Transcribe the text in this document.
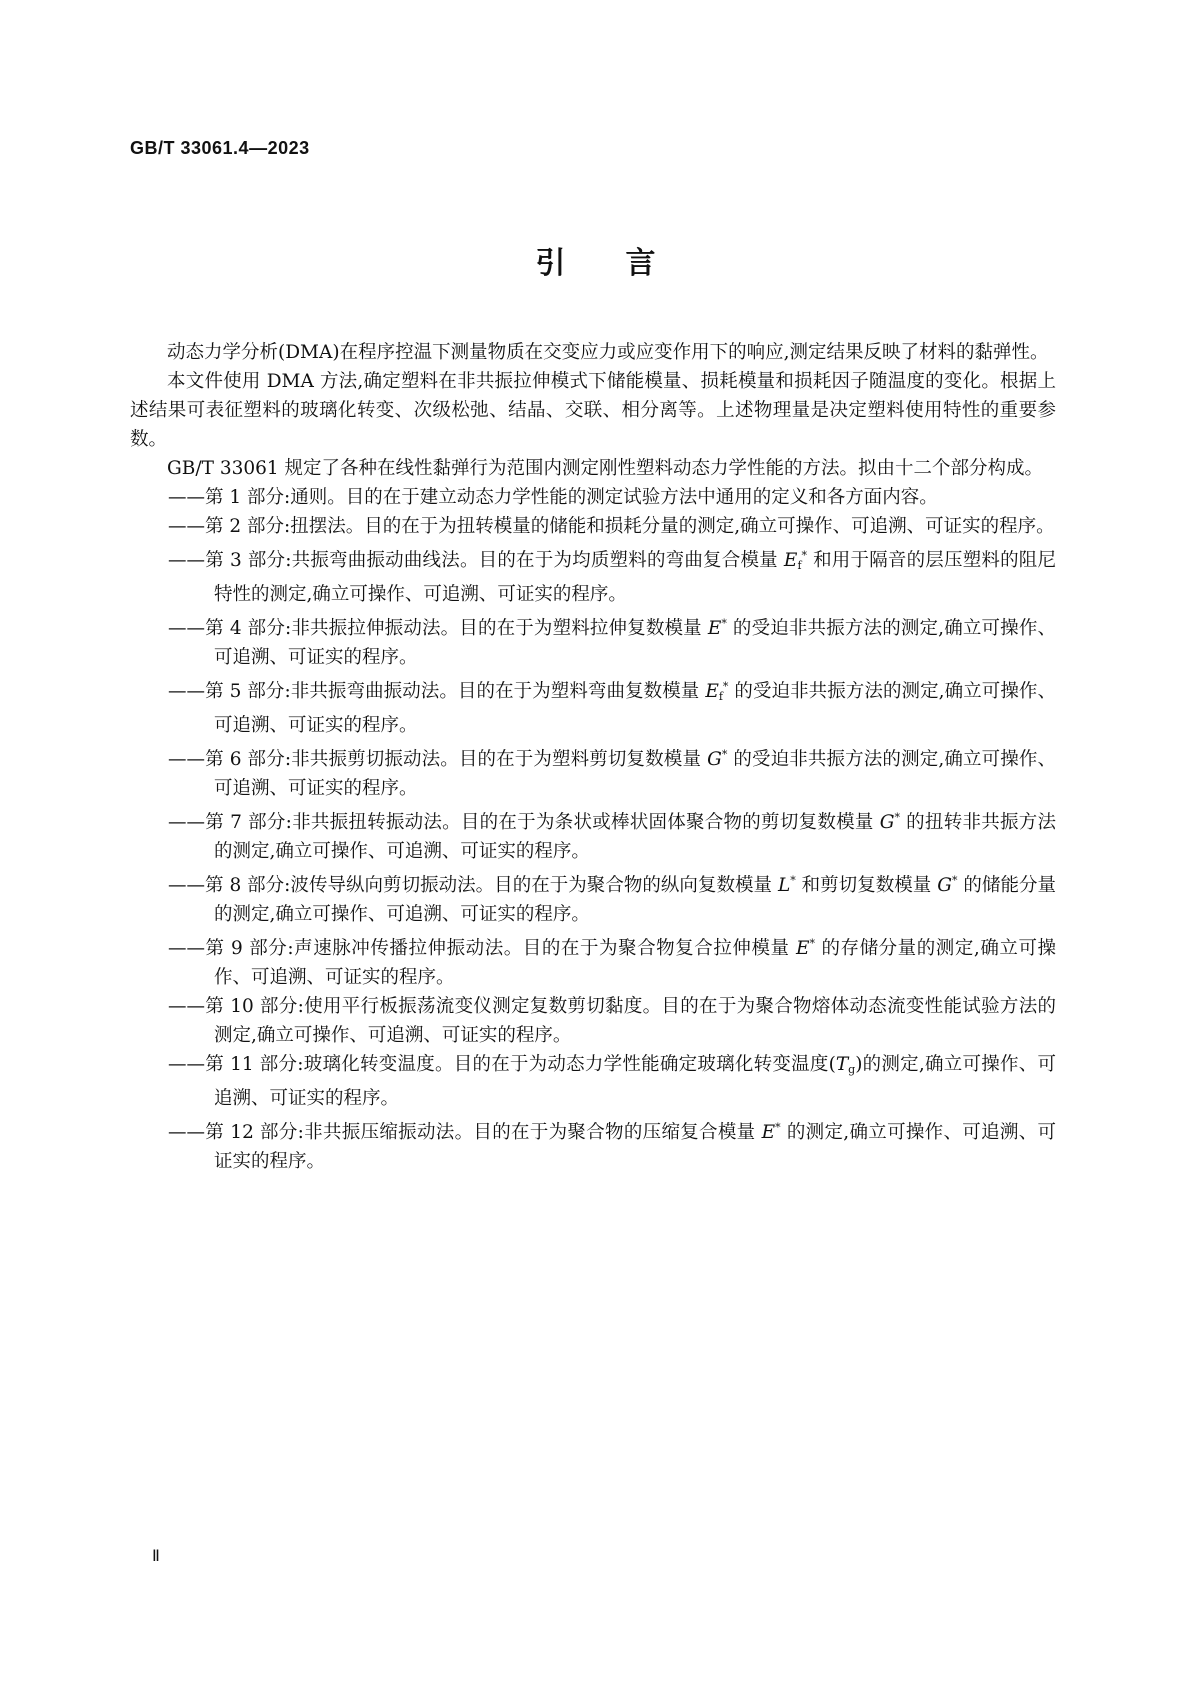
GB/T 33061.4—2023
引 言

动态力学分析(DMA)在程序控温下测量物质在交变应力或应变作用下的响应,测定结果反映了材料的黏弹性。

本文件使用 DMA 方法,确定塑料在非共振拉伸模式下储能模量、损耗模量和损耗因子随温度的变化。根据上述结果可表征塑料的玻璃化转变、次级松弛、结晶、交联、相分离等。上述物理量是决定塑料使用特性的重要参数。

GB/T 33061 规定了各种在线性黏弹行为范围内测定刚性塑料动态力学性能的方法。拟由十二个部分构成。

——第 1 部分:通则。目的在于建立动态力学性能的测定试验方法中通用的定义和各方面内容。
——第 2 部分:扭摆法。目的在于为扭转模量的储能和损耗分量的测定,确立可操作、可追溯、可证实的程序。
——第 3 部分:共振弯曲振动曲线法。目的在于为均质塑料的弯曲复合模量 $E_f^*$ 和用于隔音的层压塑料的阻尼特性的测定,确立可操作、可追溯、可证实的程序。
——第 4 部分:非共振拉伸振动法。目的在于为塑料拉伸复数模量 E* 的受迫非共振方法的测定,确立可操作、可追溯、可证实的程序。
——第 5 部分:非共振弯曲振动法。目的在于为塑料弯曲复数模量 $E_f^*$ 的受迫非共振方法的测定,确立可操作、可追溯、可证实的程序。
——第 6 部分:非共振剪切振动法。目的在于为塑料剪切复数模量 G* 的受迫非共振方法的测定,确立可操作、可追溯、可证实的程序。
——第 7 部分:非共振扭转振动法。目的在于为条状或棒状固体聚合物的剪切复数模量 G* 的扭转非共振方法的测定,确立可操作、可追溯、可证实的程序。
——第 8 部分:波传导纵向剪切振动法。目的在于为聚合物的纵向复数模量 L* 和剪切复数模量 G* 的储能分量的测定,确立可操作、可追溯、可证实的程序。
——第 9 部分:声速脉冲传播拉伸振动法。目的在于为聚合物复合拉伸模量 E* 的存储分量的测定,确立可操作、可追溯、可证实的程序。
——第 10 部分:使用平行板振荡流变仪测定复数剪切黏度。目的在于为聚合物熔体动态流变性能试验方法的测定,确立可操作、可追溯、可证实的程序。
——第 11 部分:玻璃化转变温度。目的在于为动态力学性能确定玻璃化转变温度$(T_g)$的测定,确立可操作、可追溯、可证实的程序。
——第 12 部分:非共振压缩振动法。目的在于为聚合物的压缩复合模量 E* 的测定,确立可操作、可追溯、可证实的程序。
Ⅱ
